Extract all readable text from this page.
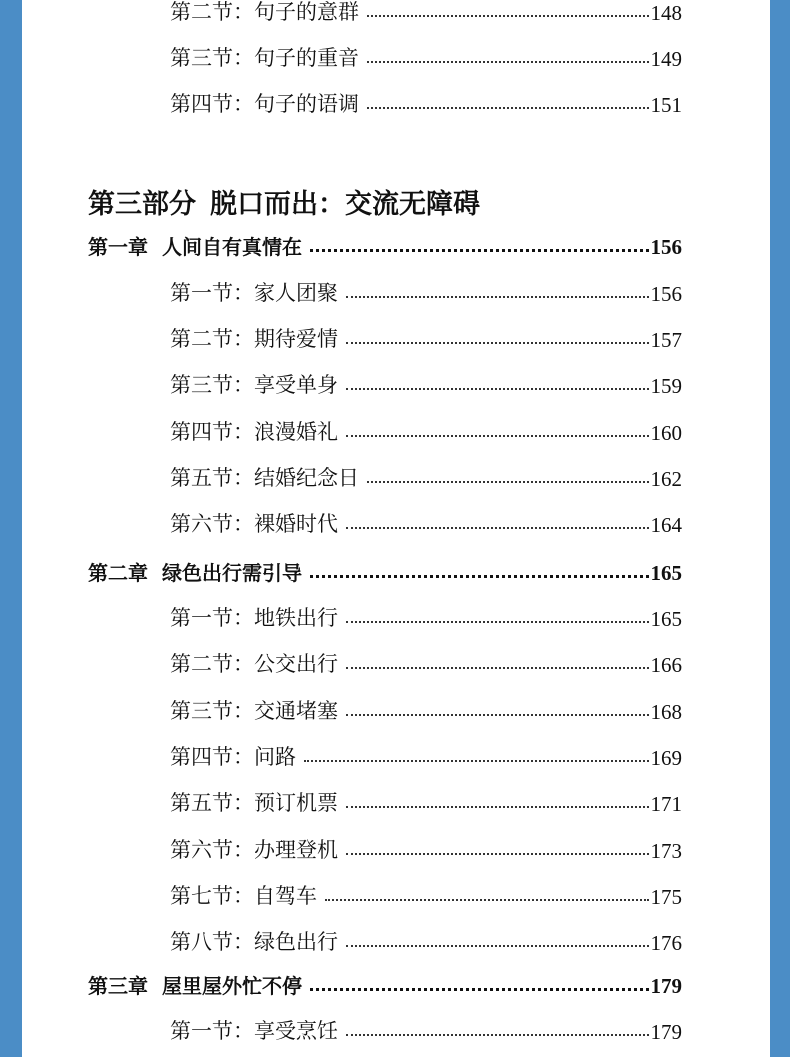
第二节：句子的意群	148
第三节：句子的重音	149
第四节：句子的语调	151
第三部分 脱口而出：交流无障碍
第一章 人间自有真情在	156
第一节：家人团聚	156
第二节：期待爱情	157
第三节：享受单身	159
第四节：浪漫婚礼	160
第五节：结婚纪念日	162
第六节：裸婚时代	164
第二章 绿色出行需引导	165
第一节：地铁出行	165
第二节：公交出行	166
第三节：交通堵塞	168
第四节：问路	169
第五节：预订机票	171
第六节：办理登机	173
第七节：自驾车	175
第八节：绿色出行	176
第三章 屋里屋外忙不停	179
第一节：享受烹饪	179
